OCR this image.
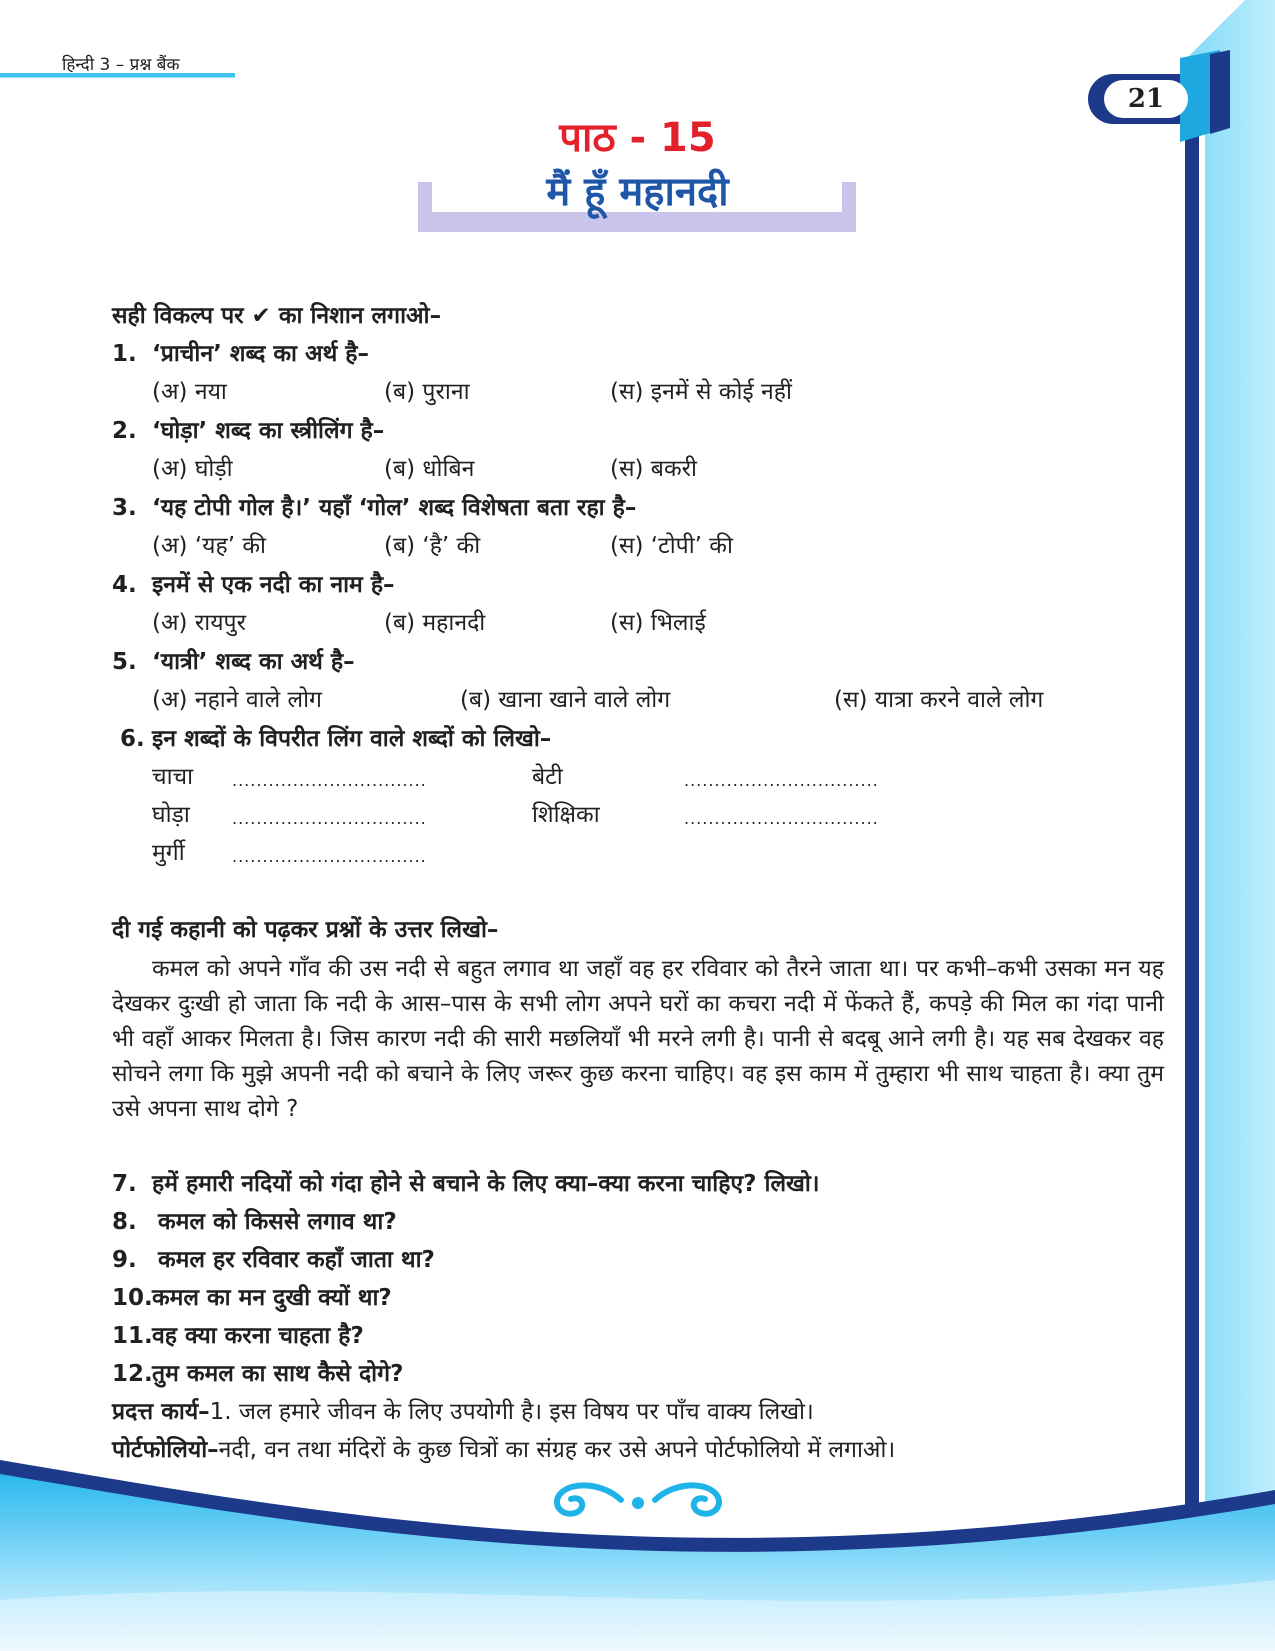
हिन्दी 3 – प्रश्न बैंक
21
पाठ - 15
मैं हूँ महानदी
सही विकल्प पर ✔ का निशान लगाओ–
1. ‘प्राचीन’ शब्द का अर्थ है–
(अ) नया	(ब) पुराना	(स) इनमें से कोई नहीं
2. ‘घोड़ा’ शब्द का स्त्रीलिंग है–
(अ) घोड़ी	(ब) धोबिन	(स) बकरी
3. ‘यह टोपी गोल है।’ यहाँ ‘गोल’ शब्द विशेषता बता रहा है–
(अ) ‘यह’ की	(ब) ‘है’ की	(स) ‘टोपी’ की
4. इनमें से एक नदी का नाम है–
(अ) रायपुर	(ब) महानदी	(स) भिलाई
5. ‘यात्री’ शब्द का अर्थ है–
(अ) नहाने वाले लोग	(ब) खाना खाने वाले लोग	(स) यात्रा करने वाले लोग
6. इन शब्दों के विपरीत लिंग वाले शब्दों को लिखो–
चाचा ................................	बेटी	................................
घोड़ा	................................	शिक्षिका	................................
मुर्गी	................................
दी गई कहानी को पढ़कर प्रश्नों के उत्तर लिखो–
कमल को अपने गाँव की उस नदी से बहुत लगाव था जहाँ वह हर रविवार को तैरने जाता था। पर कभी–कभी उसका मन यह देखकर दुःखी हो जाता कि नदी के आस–पास के सभी लोग अपने घरों का कचरा नदी में फेंकते हैं, कपड़े की मिल का गंदा पानी भी वहाँ आकर मिलता है। जिस कारण नदी की सारी मछलियाँ भी मरने लगी है। पानी से बदबू आने लगी है। यह सब देखकर वह सोचने लगा कि मुझे अपनी नदी को बचाने के लिए जरूर कुछ करना चाहिए। वह इस काम में तुम्हारा भी साथ चाहता है। क्या तुम उसे अपना साथ दोगे ?
7. हमें हमारी नदियों को गंदा होने से बचाने के लिए क्या–क्या करना चाहिए? लिखो।
8. कमल को किससे लगाव था?
9. कमल हर रविवार कहाँ जाता था?
10. कमल का मन दुखी क्यों था?
11. वह क्या करना चाहता है?
12. तुम कमल का साथ कैसे दोगे?
प्रदत्त कार्य–1. जल हमारे जीवन के लिए उपयोगी है। इस विषय पर पाँच वाक्य लिखो।
पोर्टफोलियो–नदी, वन तथा मंदिरों के कुछ चित्रों का संग्रह कर उसे अपने पोर्टफोलियो में लगाओ।
